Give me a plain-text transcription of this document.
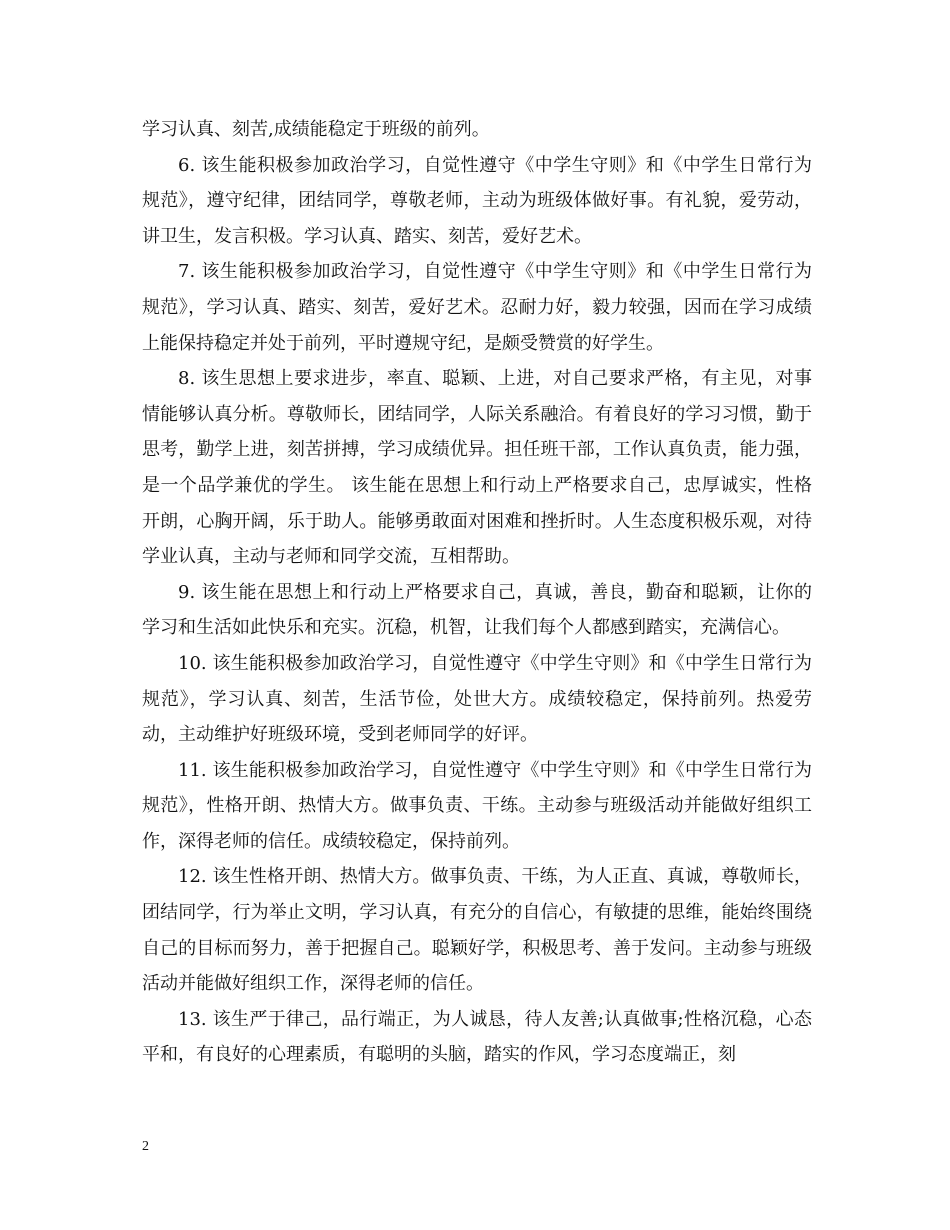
学习认真、刻苦,成绩能稳定于班级的前列。

6. 该生能积极参加政治学习，自觉性遵守《中学生守则》和《中学生日常行为规范》，遵守纪律，团结同学，尊敬老师，主动为班级体做好事。有礼貌，爱劳动，讲卫生，发言积极。学习认真、踏实、刻苦，爱好艺术。

7. 该生能积极参加政治学习，自觉性遵守《中学生守则》和《中学生日常行为规范》，学习认真、踏实、刻苦，爱好艺术。忍耐力好，毅力较强，因而在学习成绩上能保持稳定并处于前列，平时遵规守纪，是颇受赞赏的好学生。

8. 该生思想上要求进步，率直、聪颖、上进，对自己要求严格，有主见，对事情能够认真分析。尊敬师长，团结同学，人际关系融洽。有着良好的学习习惯，勤于思考，勤学上进，刻苦拼搏，学习成绩优异。担任班干部，工作认真负责，能力强，是一个品学兼优的学生。 该生能在思想上和行动上严格要求自己，忠厚诚实，性格开朗，心胸开阔，乐于助人。能够勇敢面对困难和挫折时。人生态度积极乐观，对待学业认真，主动与老师和同学交流，互相帮助。

9. 该生能在思想上和行动上严格要求自己，真诚，善良，勤奋和聪颖，让你的学习和生活如此快乐和充实。沉稳，机智，让我们每个人都感到踏实，充满信心。

10. 该生能积极参加政治学习，自觉性遵守《中学生守则》和《中学生日常行为规范》，学习认真、刻苦，生活节俭，处世大方。成绩较稳定，保持前列。热爱劳动，主动维护好班级环境，受到老师同学的好评。

11. 该生能积极参加政治学习，自觉性遵守《中学生守则》和《中学生日常行为规范》，性格开朗、热情大方。做事负责、干练。主动参与班级活动并能做好组织工作，深得老师的信任。成绩较稳定，保持前列。

12. 该生性格开朗、热情大方。做事负责、干练，为人正直、真诚，尊敬师长，团结同学，行为举止文明，学习认真，有充分的自信心，有敏捷的思维，能始终围绕自己的目标而努力，善于把握自己。聪颖好学，积极思考、善于发问。主动参与班级活动并能做好组织工作，深得老师的信任。

13. 该生严于律己，品行端正，为人诚恳，待人友善;认真做事;性格沉稳，心态平和，有良好的心理素质，有聪明的头脑，踏实的作风，学习态度端正，刻

2
